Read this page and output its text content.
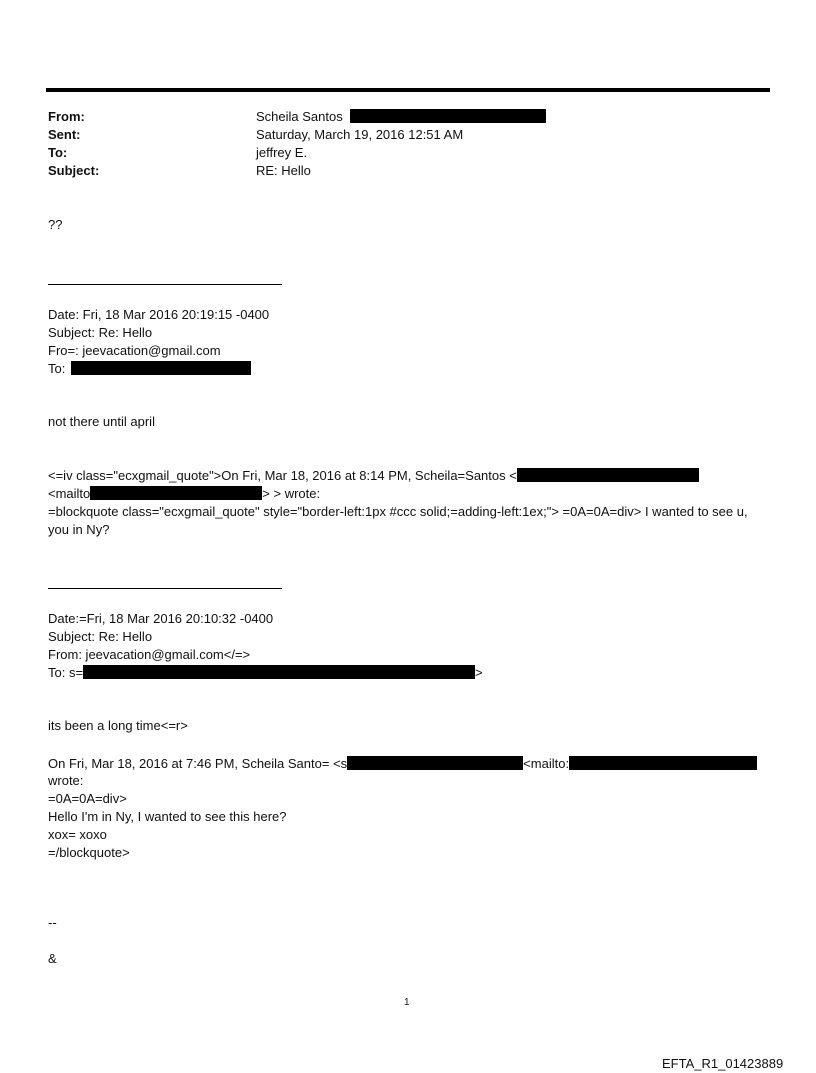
From:	Scheila Santos
Sent:	Saturday, March 19, 2016 12:51 AM
To:	jeffrey E.
Subject:	RE: Hello
??
Date: Fri, 18 Mar 2016 20:19:15 -0400
Subject: Re: Hello
Fro=: jeevacation@gmail.com
To:
not there until april
<=iv class="ecxgmail_quote">On Fri, Mar 18, 2016 at 8:14 PM, Scheila=Santos <
<mailto	> > wrote:
=blockquote class="ecxgmail_quote" style="border-left:1px #ccc solid;=adding-left:1ex;"> =0A=0A=div> I wanted to see u, you in Ny?
Date:=Fri, 18 Mar 2016 20:10:32 -0400
Subject: Re: Hello
From: jeevacation@gmail.com</=>
To: s=	>
its been a long time<=r>
On Fri, Mar 18, 2016 at 7:46 PM, Scheila Santo= <s	<mailto:
wrote:
=0A=0A=div>
Hello I'm in Ny, I wanted to see this here?
xox= xoxo
=/blockquote>
--
&
1
EFTA_R1_01423889
